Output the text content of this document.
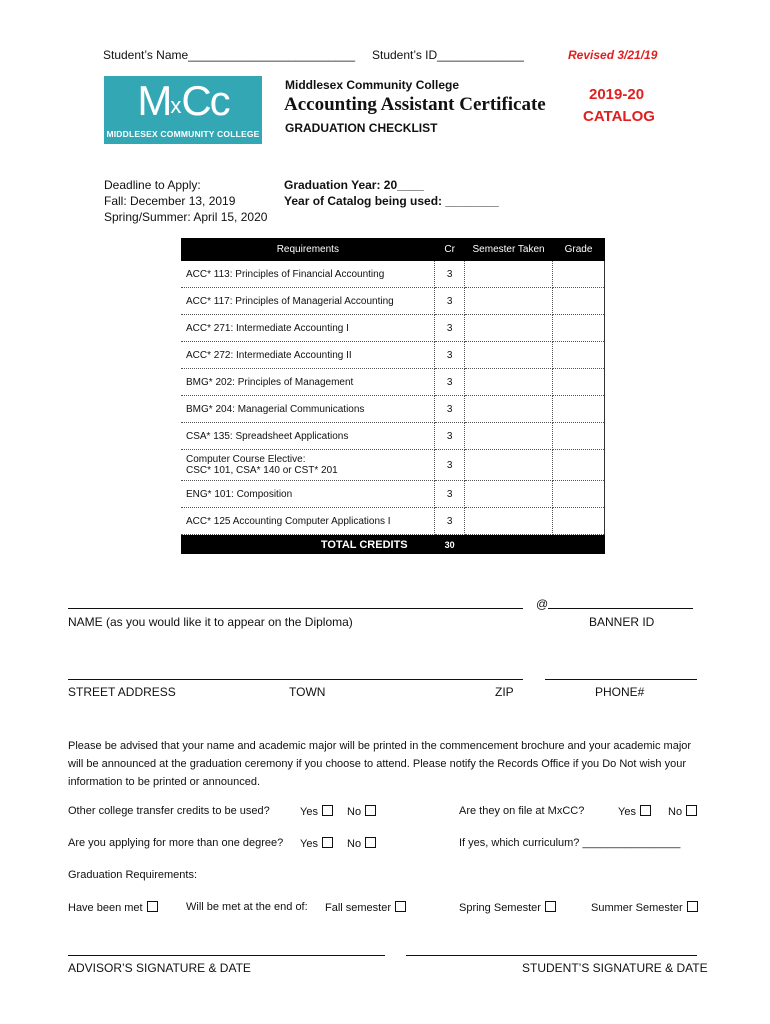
Student’s Name_________________________ Student’s ID_____________	Revised 3/21/19
MxCc
MIDDLESEX COMMUNITY COLLEGE
Middlesex Community College
Accounting Assistant Certificate
GRADUATION CHECKLIST
2019-20
CATALOG
Deadline to Apply:
Fall: December 13, 2019
Spring/Summer: April 15, 2020
Graduation Year: 20____
Year of Catalog being used: ________
Requirements	Cr	Semester Taken	Grade
ACC* 113: Principles of Financial Accounting	3		
ACC* 117: Principles of Managerial Accounting	3		
ACC* 271: Intermediate Accounting I	3		
ACC* 272: Intermediate Accounting II	3		
BMG* 202: Principles of Management	3		
BMG* 204: Managerial Communications	3		
CSA* 135: Spreadsheet Applications	3		

Computer Course Elective:
CSC* 101, CSA* 140 or CST* 201	3		
ENG* 101: Composition	3		
ACC* 125 Accounting Computer Applications I	3		
TOTAL CREDITS	30		
@
NAME (as you would like it to appear on the Diploma)	BANNER ID
STREET ADDRESS	TOWN	ZIP	PHONE#
Please be advised that your name and academic major will be printed in the commencement brochure and your academic major will be announced at the graduation ceremony if you choose to attend. Please notify the Records Office if you Do Not wish your information to be printed or announced.
Other college transfer credits to be used?	Yes	No	Are they on file at MxCC?	Yes	No
Are you applying for more than one degree? Yes	No	If yes, which curriculum? ________________
Graduation Requirements:
Have been met	Will be met at the end of: Fall semester	Spring Semester	Summer Semester
ADVISOR’S SIGNATURE & DATE	STUDENT’S SIGNATURE & DATE
